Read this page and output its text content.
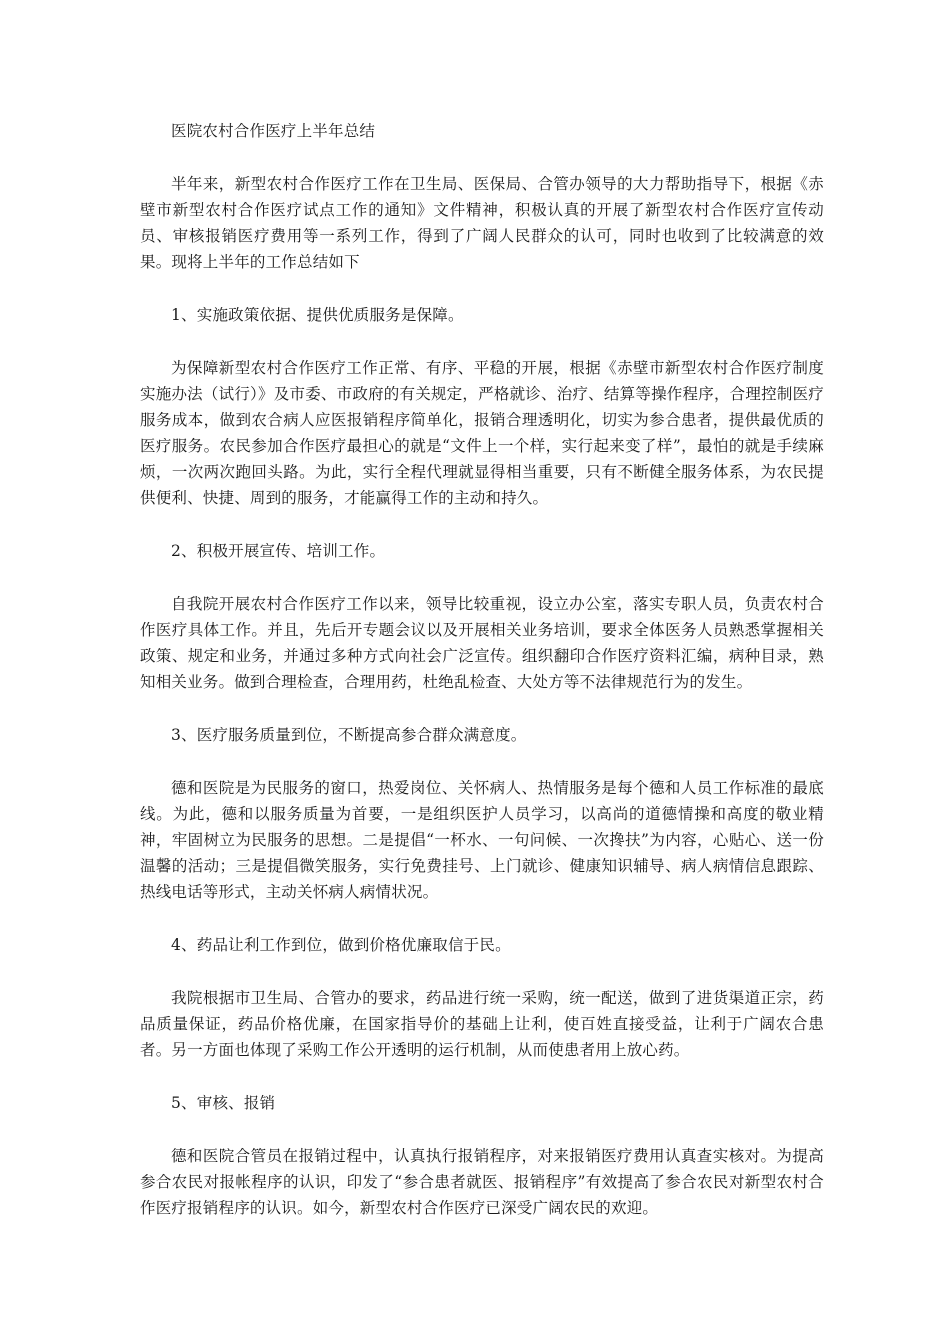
医院农村合作医疗上半年总结

半年来，新型农村合作医疗工作在卫生局、医保局、合管办领导的大力帮助指导下，根据《赤壁市新型农村合作医疗试点工作的通知》文件精神，积极认真的开展了新型农村合作医疗宣传动员、审核报销医疗费用等一系列工作，得到了广阔人民群众的认可，同时也收到了比较满意的效果。现将上半年的工作总结如下

1、实施政策依据、提供优质服务是保障。

为保障新型农村合作医疗工作正常、有序、平稳的开展，根据《赤壁市新型农村合作医疗制度实施办法（试行）》及市委、市政府的有关规定，严格就诊、治疗、结算等操作程序，合理控制医疗服务成本，做到农合病人应医报销程序简单化，报销合理透明化，切实为参合患者，提供最优质的医疗服务。农民参加合作医疗最担心的就是“文件上一个样，实行起来变了样”，最怕的就是手续麻烦，一次两次跑回头路。为此，实行全程代理就显得相当重要，只有不断健全服务体系，为农民提供便利、快捷、周到的服务，才能赢得工作的主动和持久。

2、积极开展宣传、培训工作。

自我院开展农村合作医疗工作以来，领导比较重视，设立办公室，落实专职人员，负责农村合作医疗具体工作。并且，先后开专题会议以及开展相关业务培训，要求全体医务人员熟悉掌握相关政策、规定和业务，并通过多种方式向社会广泛宣传。组织翻印合作医疗资料汇编，病种目录，熟知相关业务。做到合理检查，合理用药，杜绝乱检查、大处方等不法律规范行为的发生。

3、医疗服务质量到位，不断提高参合群众满意度。

德和医院是为民服务的窗口，热爱岗位、关怀病人、热情服务是每个德和人员工作标准的最底线。为此，德和以服务质量为首要，一是组织医护人员学习，以高尚的道德情操和高度的敬业精神，牢固树立为民服务的思想。二是提倡“一杯水、一句问候、一次搀扶”为内容，心贴心、送一份温馨的活动；三是提倡微笑服务，实行免费挂号、上门就诊、健康知识辅导、病人病情信息跟踪、热线电话等形式，主动关怀病人病情状况。

4、药品让利工作到位，做到价格优廉取信于民。

我院根据市卫生局、合管办的要求，药品进行统一采购，统一配送，做到了进货渠道正宗，药品质量保证，药品价格优廉，在国家指导价的基础上让利，使百姓直接受益，让利于广阔农合患者。另一方面也体现了采购工作公开透明的运行机制，从而使患者用上放心药。

5、审核、报销

德和医院合管员在报销过程中，认真执行报销程序，对来报销医疗费用认真查实核对。为提高参合农民对报帐程序的认识，印发了“参合患者就医、报销程序”有效提高了参合农民对新型农村合作医疗报销程序的认识。如今，新型农村合作医疗已深受广阔农民的欢迎。
